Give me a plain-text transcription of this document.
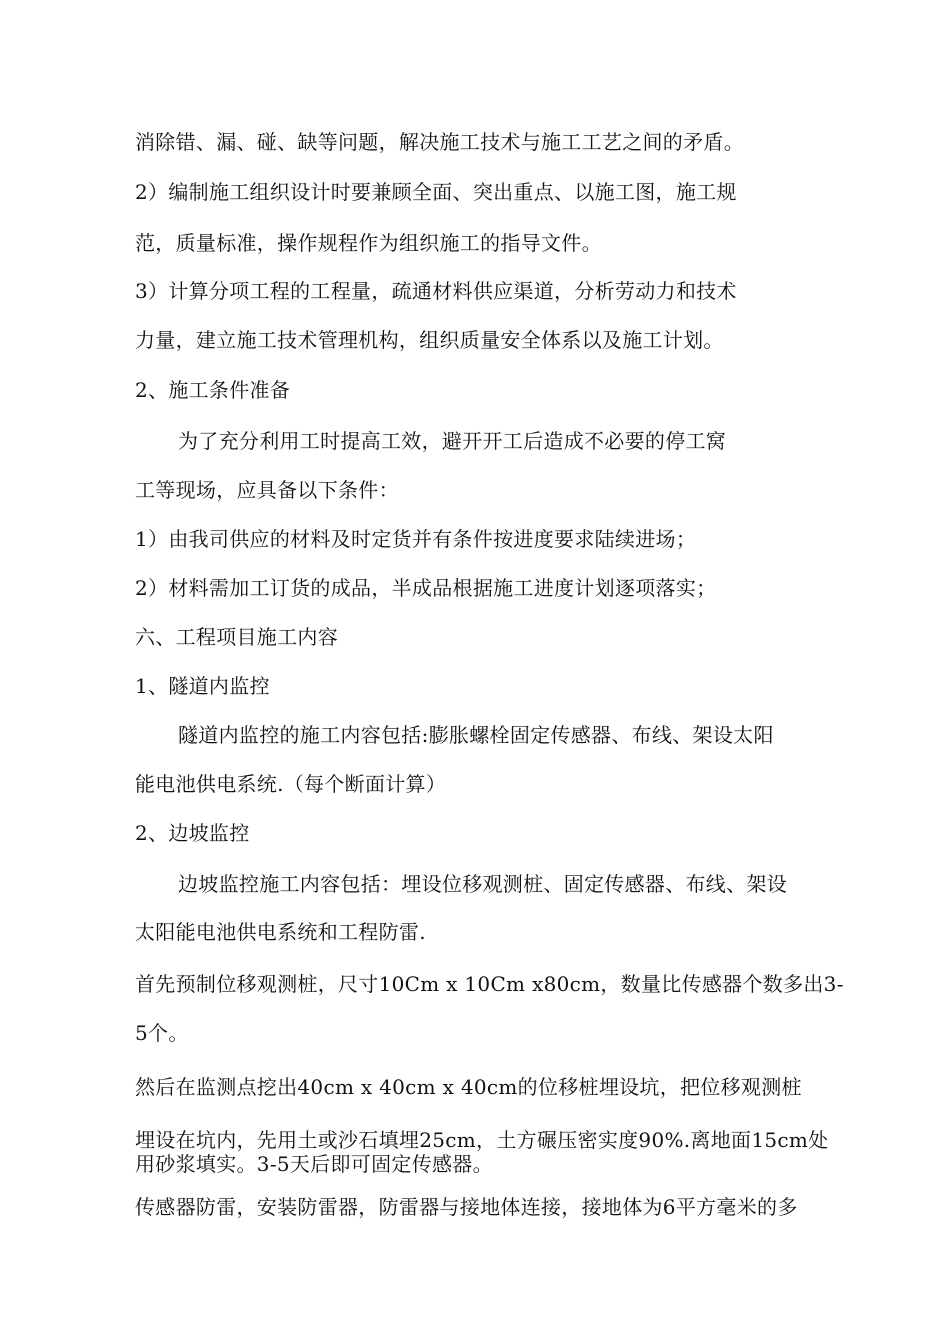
消除错、漏、碰、缺等问题，解决施工技术与施工工艺之间的矛盾。
2）编制施工组织设计时要兼顾全面、突出重点、以施工图，施工规
范，质量标准，操作规程作为组织施工的指导文件。
3）计算分项工程的工程量，疏通材料供应渠道，分析劳动力和技术
力量，建立施工技术管理机构，组织质量安全体系以及施工计划。
2、施工条件准备
为了充分利用工时提高工效，避开开工后造成不必要的停工窝
工等现场，应具备以下条件：
1）由我司供应的材料及时定货并有条件按进度要求陆续进场；
2）材料需加工订货的成品，半成品根据施工进度计划逐项落实；
六、工程项目施工内容
1、隧道内监控
隧道内监控的施工内容包括:膨胀螺栓固定传感器、布线、架设太阳
能电池供电系统.（每个断面计算）
2、边坡监控
边坡监控施工内容包括：埋设位移观测桩、固定传感器、布线、架设
太阳能电池供电系统和工程防雷.
首先预制位移观测桩，尺寸10Cm x 10Cm x80cm，数量比传感器个数多出3-
5个。
然后在监测点挖出40cm x 40cm x 40cm的位移桩埋设坑，把位移观测桩
埋设在坑内，先用土或沙石填埋25cm，土方碾压密实度90%.离地面15cm处
用砂浆填实。3-5天后即可固定传感器。
传感器防雷，安装防雷器，防雷器与接地体连接，接地体为6平方毫米的多
